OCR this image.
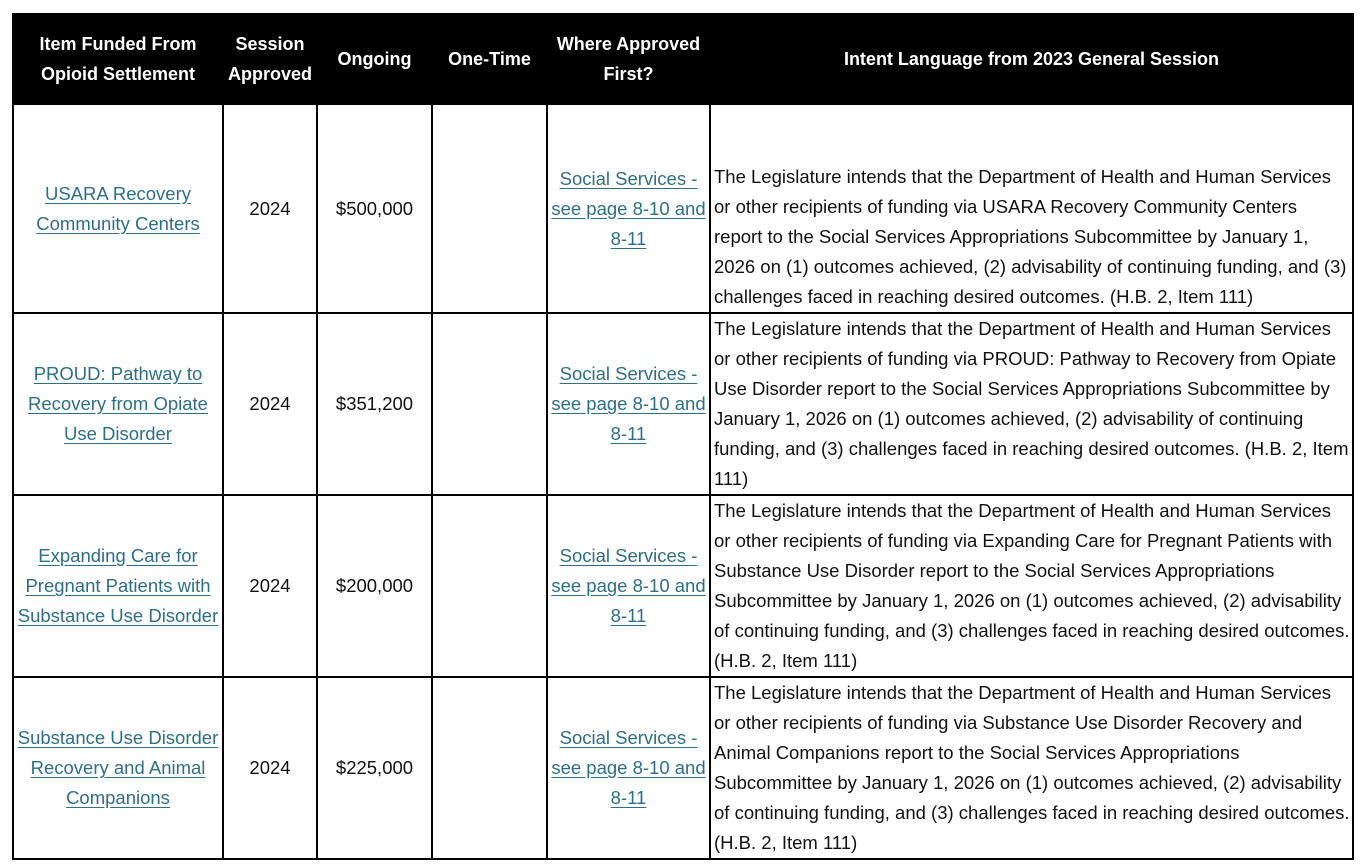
Item Funded From Opioid Settlement	Session Approved	Ongoing	One-Time	Where Approved First?	Intent Language from 2023 General Session
USARA Recovery Community Centers	2024	$500,000		Social Services - see page 8-10 and 8-11	The Legislature intends that the Department of Health and Human Services or other recipients of funding via USARA Recovery Community Centers report to the Social Services Appropriations Subcommittee by January 1, 2026 on (1) outcomes achieved, (2) advisability of continuing funding, and (3) challenges faced in reaching desired outcomes. (H.B. 2, Item 111)
PROUD: Pathway to Recovery from Opiate Use Disorder	2024	$351,200		Social Services - see page 8-10 and 8-11	The Legislature intends that the Department of Health and Human Services or other recipients of funding via PROUD: Pathway to Recovery from Opiate Use Disorder report to the Social Services Appropriations Subcommittee by January 1, 2026 on (1) outcomes achieved, (2) advisability of continuing funding, and (3) challenges faced in reaching desired outcomes. (H.B. 2, Item 111)
Expanding Care for Pregnant Patients with Substance Use Disorder	2024	$200,000		Social Services - see page 8-10 and 8-11	The Legislature intends that the Department of Health and Human Services or other recipients of funding via Expanding Care for Pregnant Patients with Substance Use Disorder report to the Social Services Appropriations Subcommittee by January 1, 2026 on (1) outcomes achieved, (2) advisability of continuing funding, and (3) challenges faced in reaching desired outcomes. (H.B. 2, Item 111)
Substance Use Disorder Recovery and Animal Companions	2024	$225,000		Social Services - see page 8-10 and 8-11	The Legislature intends that the Department of Health and Human Services or other recipients of funding via Substance Use Disorder Recovery and Animal Companions report to the Social Services Appropriations Subcommittee by January 1, 2026 on (1) outcomes achieved, (2) advisability of continuing funding, and (3) challenges faced in reaching desired outcomes. (H.B. 2, Item 111)
